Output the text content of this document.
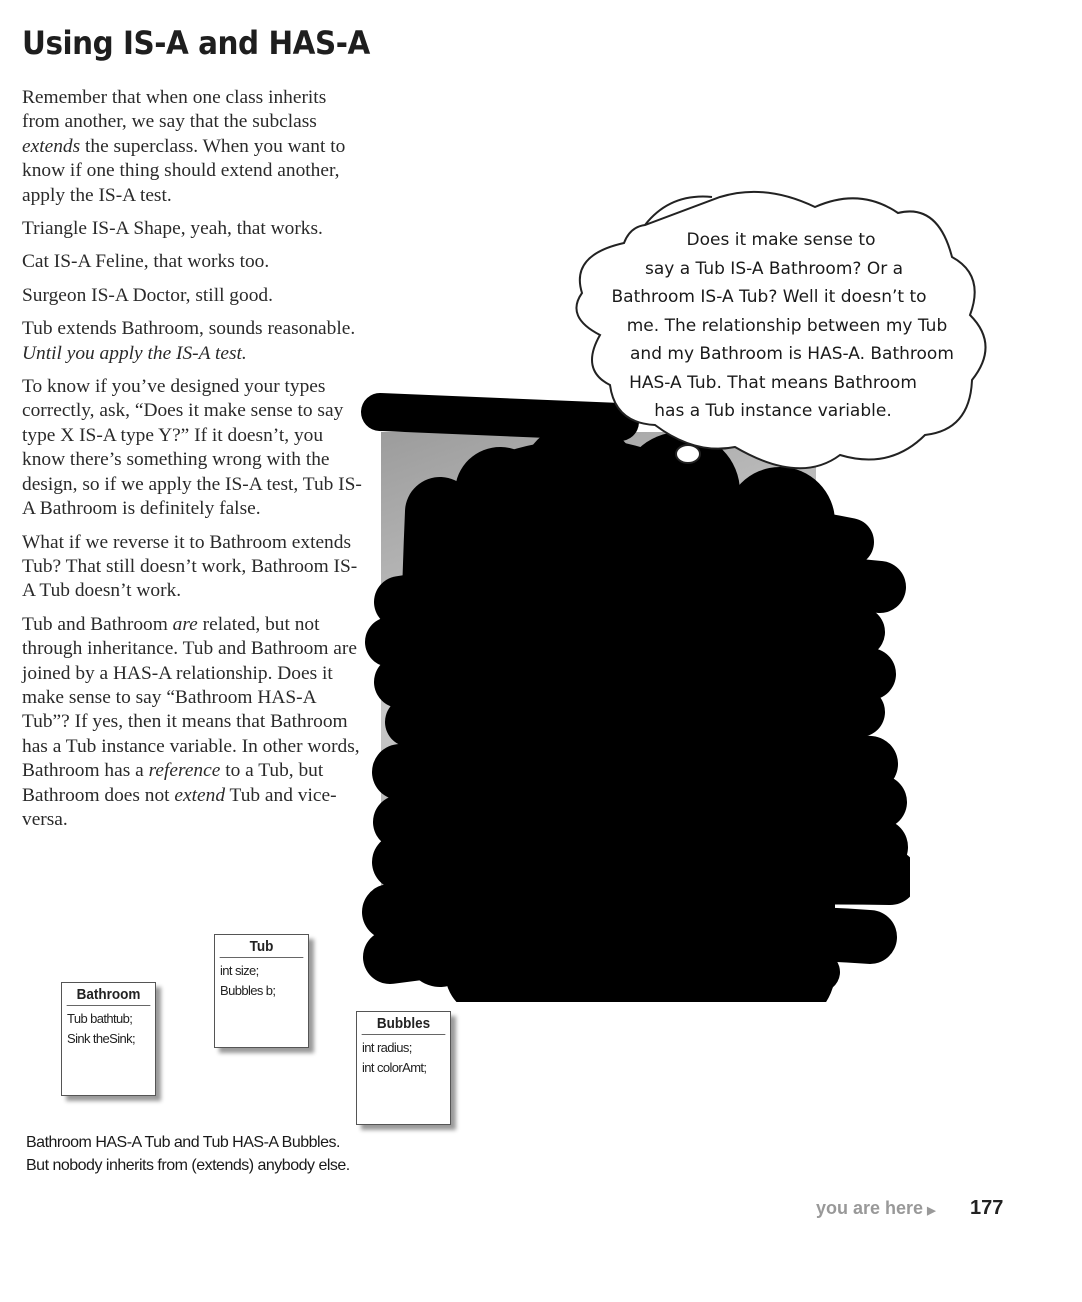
Using IS-A and HAS-A

Remember that when one class inherits from another, we say that the subclass extends the superclass. When you want to know if one thing should extend another, apply the IS-A test.

Triangle IS-A Shape, yeah, that works.

Cat IS-A Feline, that works too.

Surgeon IS-A Doctor, still good.

Tub extends Bathroom, sounds reasonable.

Until you apply the IS-A test.

To know if you’ve designed your types correctly, ask, “Does it make sense to say type X IS-A type Y?” If it doesn’t, you know there’s something wrong with the design, so if we apply the IS-A test, Tub IS-A Bathroom is definitely false.

What if we reverse it to Bathroom extends Tub? That still doesn’t work, Bathroom IS-A Tub doesn’t work.

Tub and Bathroom are related, but not through inheritance. Tub and Bathroom are joined by a HAS-A relationship. Does it make sense to say “Bathroom HAS-A Tub”? If yes, then it means that Bathroom has a Tub instance variable. In other words, Bathroom has a reference to a Tub, but Bathroom does not extend Tub and vice-versa.

Does it make sense to
say a Tub IS-A Bathroom? Or a
Bathroom IS-A Tub? Well it doesn’t to
me. The relationship between my Tub
and my Bathroom is HAS-A. Bathroom
HAS-A Tub. That means Bathroom
has a Tub instance variable.
Tub
int size;
Bubbles b;
Bathroom
Tub bathtub;
Sink theSink;
Bubbles
int radius;
int colorAmt;
Bathroom HAS-A Tub and Tub HAS-A Bubbles.
But nobody inherits from (extends) anybody else.
you are here ▶ 177
